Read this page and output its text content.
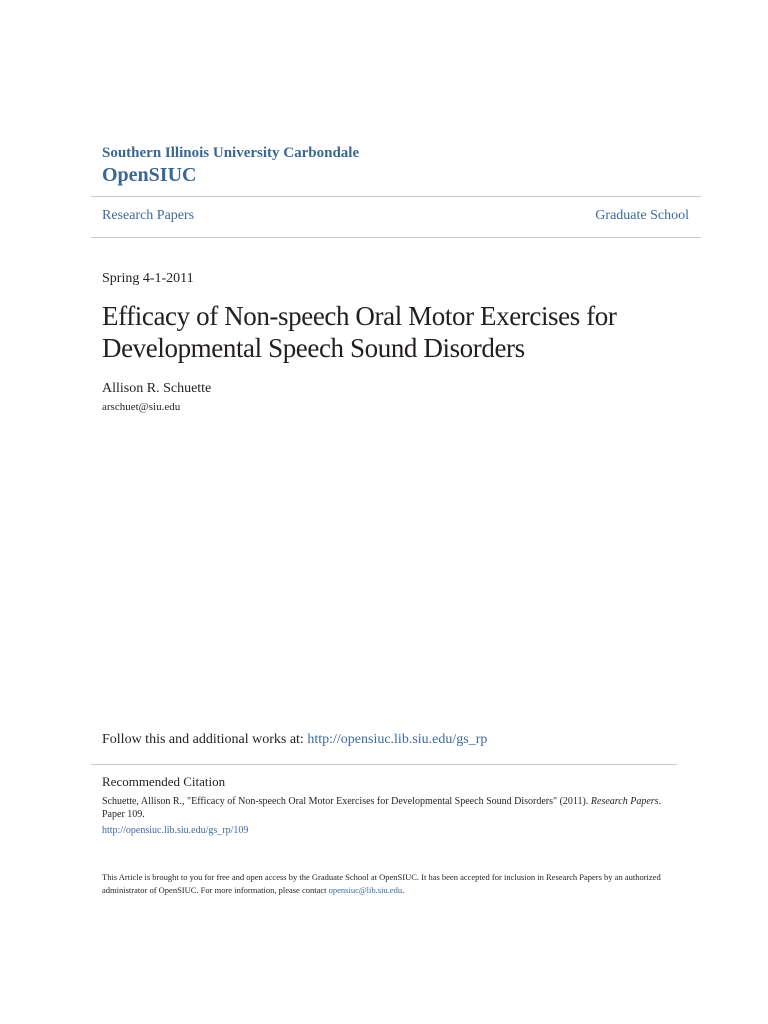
Southern Illinois University Carbondale
OpenSIUC
Research Papers	Graduate School
Spring 4-1-2011
Efficacy of Non-speech Oral Motor Exercises for Developmental Speech Sound Disorders
Allison R. Schuette
arschuet@siu.edu
Follow this and additional works at: http://opensiuc.lib.siu.edu/gs_rp
Recommended Citation
Schuette, Allison R., "Efficacy of Non-speech Oral Motor Exercises for Developmental Speech Sound Disorders" (2011). Research Papers. Paper 109.
http://opensiuc.lib.siu.edu/gs_rp/109
This Article is brought to you for free and open access by the Graduate School at OpenSIUC. It has been accepted for inclusion in Research Papers by an authorized administrator of OpenSIUC. For more information, please contact opensiuc@lib.siu.edu.
